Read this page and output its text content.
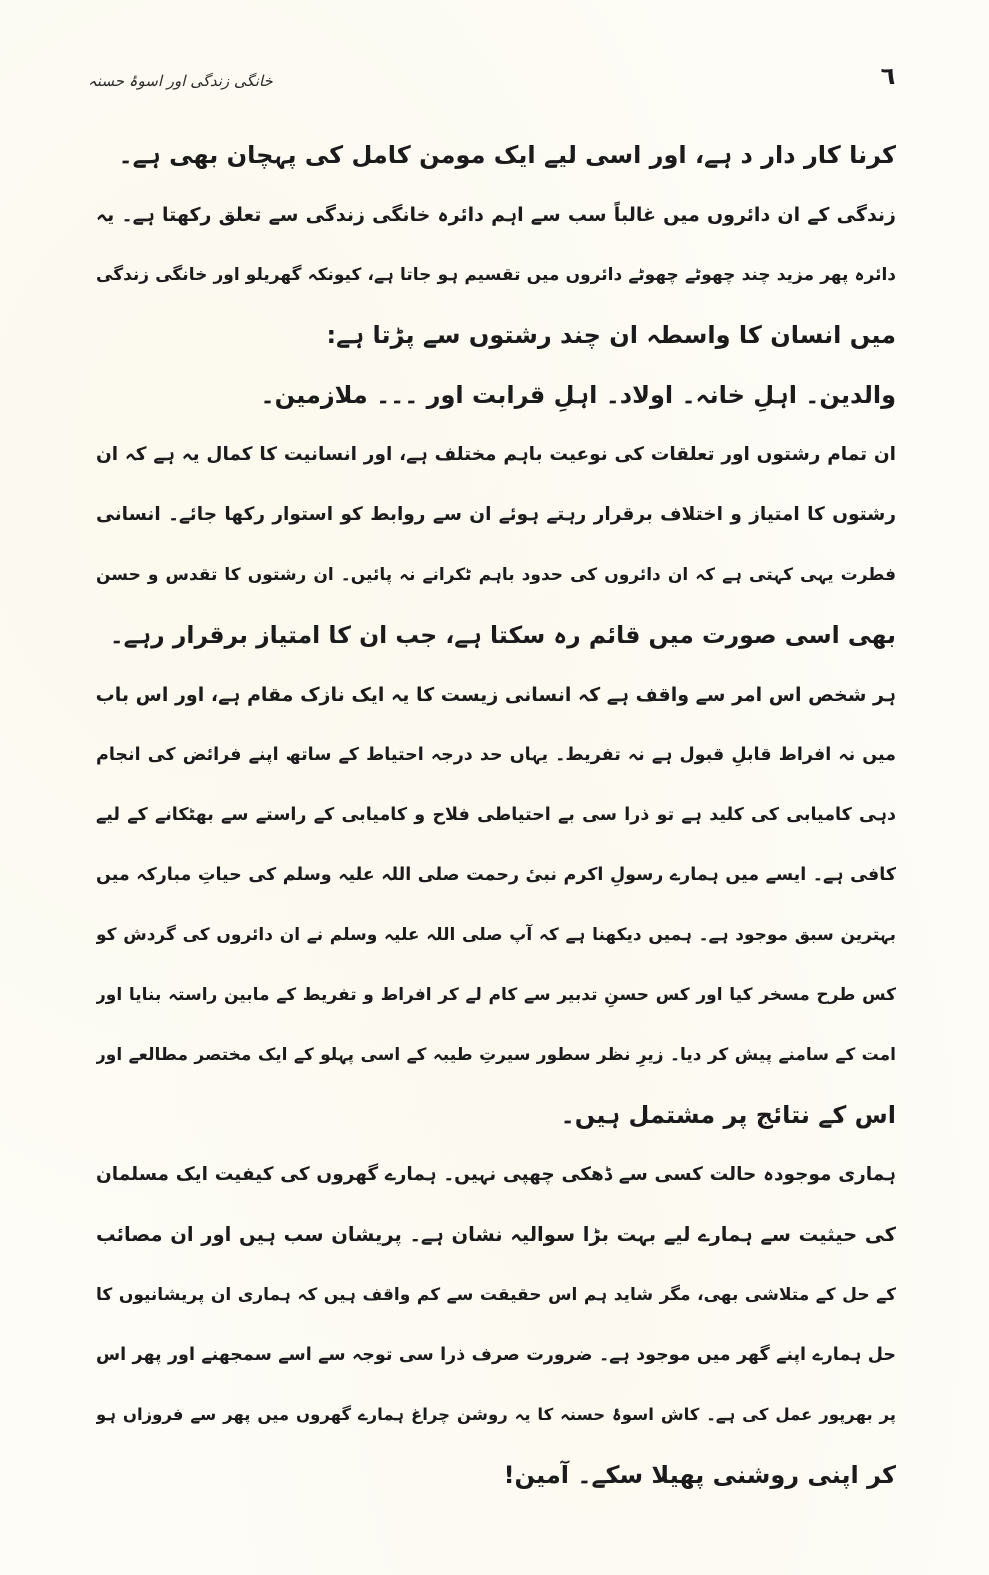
خانگی زندگی اور اسوۂ حسنہ	٦
کرنا کار دار د ہے، اور اسی لیے ایک مومن کامل کی پہچان بھی ہے۔
زندگی کے ان دائروں میں غالباً سب سے اہم دائرہ خانگی زندگی سے تعلق رکھتا ہے۔ یہ
دائرہ پھر مزید چند چھوٹے چھوٹے دائروں میں تقسیم ہو جاتا ہے، کیونکہ گھریلو اور خانگی زندگی
میں انسان کا واسطہ ان چند رشتوں سے پڑتا ہے:
والدین۔ اہلِ خانہ۔ اولاد۔ اہلِ قرابت اور ۔۔۔ ملازمین۔
ان تمام رشتوں اور تعلقات کی نوعیت باہم مختلف ہے، اور انسانیت کا کمال یہ ہے کہ ان
رشتوں کا امتیاز و اختلاف برقرار رہتے ہوئے ان سے روابط کو استوار رکھا جائے۔ انسانی
فطرت یہی کہتی ہے کہ ان دائروں کی حدود باہم ٹکرانے نہ پائیں۔ ان رشتوں کا تقدس و حسن
بھی اسی صورت میں قائم رہ سکتا ہے، جب ان کا امتیاز برقرار رہے۔
ہر شخص اس امر سے واقف ہے کہ انسانی زیست کا یہ ایک نازک مقام ہے، اور اس باب
میں نہ افراط قابلِ قبول ہے نہ تفریط۔ یہاں حد درجہ احتیاط کے ساتھ اپنے فرائض کی انجام
دہی کامیابی کی کلید ہے تو ذرا سی بے احتیاطی فلاح و کامیابی کے راستے سے بھٹکانے کے لیے
کافی ہے۔ ایسے میں ہمارے رسولِ اکرم نبیٔ رحمت صلی اللہ علیہ وسلم کی حیاتِ مبارکہ میں
بہترین سبق موجود ہے۔ ہمیں دیکھنا ہے کہ آپ صلی اللہ علیہ وسلم نے ان دائروں کی گردش کو
کس طرح مسخر کیا اور کس حسنِ تدبیر سے کام لے کر افراط و تفریط کے مابین راستہ بنایا اور
امت کے سامنے پیش کر دیا۔ زیرِ نظر سطور سیرتِ طیبہ کے اسی پہلو کے ایک مختصر مطالعے اور
اس کے نتائج پر مشتمل ہیں۔
ہماری موجودہ حالت کسی سے ڈھکی چھپی نہیں۔ ہمارے گھروں کی کیفیت ایک مسلمان
کی حیثیت سے ہمارے لیے بہت بڑا سوالیہ نشان ہے۔ پریشان سب ہیں اور ان مصائب
کے حل کے متلاشی بھی، مگر شاید ہم اس حقیقت سے کم واقف ہیں کہ ہماری ان پریشانیوں کا
حل ہمارے اپنے گھر میں موجود ہے۔ ضرورت صرف ذرا سی توجہ سے اسے سمجھنے اور پھر اس
پر بھرپور عمل کی ہے۔ کاش اسوۂ حسنہ کا یہ روشن چراغ ہمارے گھروں میں پھر سے فروزاں ہو
کر اپنی روشنی پھیلا سکے۔ آمین!
